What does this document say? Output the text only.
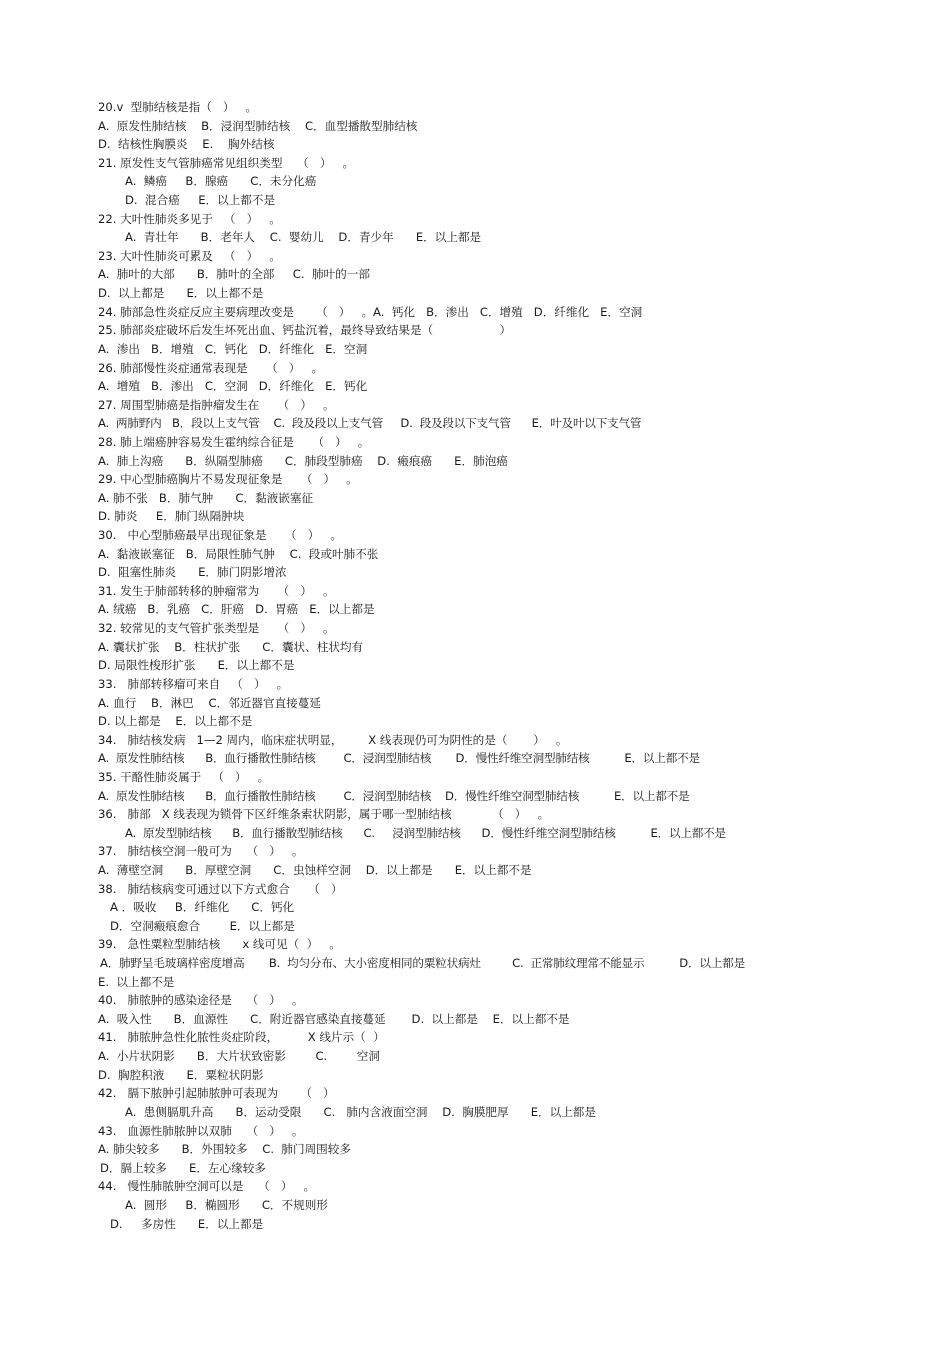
20.v  型肺结核是指（   ）   。
A.  原发性肺结核    B．浸润型肺结核    C．血型播散型肺结核
D.  结核性胸膜炎    E.    胸外结核
21. 原发性支气管肺癌常见组织类型    （   ）   。
A.  鳞癌     B．腺癌      C．未分化癌
D.  混合癌     E．以上都不是
22. 大叶性肺炎多见于   （   ）   。
A.  青壮年      B．老年人    C.  婴幼儿    D．青少年      E．以上都是
23. 大叶性肺炎可累及   （   ）   。
A.  肺叶的大部      B．肺叶的全部     C.  肺叶的一部
D.  以上都是      E．以上都不是
24. 肺部急性炎症反应主要病理改变是      （   ）   。A.  钙化   B．渗出   C．增殖   D．纤维化   E．空洞
25. 肺部炎症破坏后发生坏死出血、钙盐沉着，最终导致结果是（                  ）
A.  渗出   B．增殖   C．钙化   D．纤维化   E．空洞
26. 肺部慢性炎症通常表现是     （   ）   。
A.  增殖   B．渗出   C．空洞   D．纤维化   E．钙化
27. 周围型肺癌是指肿瘤发生在     （   ）   。
A.  两肺野内   B．段以上支气管    C.  段及段以上支气管     D.  段及段以下支气管      E．叶及叶以下支气管
28. 肺上端癌肿容易发生霍纳综合征是     （   ）   。
A.  肺上沟癌      B．纵隔型肺癌      C．肺段型肺癌    D.  瘢痕癌      E．肺泡癌
29. 中心型肺癌胸片不易发现征象是     （   ）   。
A. 肺不张   B．肺气肿      C．黏液嵌塞征
D. 肺炎     E．肺门纵隔肿块
30.   中心型肺癌最早出现征象是     （   ）   。
A.  黏液嵌塞征   B．局限性肺气肿    C.  段或叶肺不张
D.  阻塞性肺炎      E．肺门阴影增浓
31. 发生于肺部转移的肿瘤常为     （   ）   。
A. 绒癌   B．乳癌   C．肝癌   D.  胃癌   E．以上都是
32. 较常见的支气管扩张类型是     （   ）   。
A. 囊状扩张    B．柱状扩张      C．囊状、柱状均有
D. 局限性梭形扩张      E．以上都不是
33.   肺部转移瘤可来自   （   ）   。
A. 血行    B．淋巴    C．邻近器官直接蔓延
D. 以上都是    E．以上都不是
34.   肺结核发病   1—2 周内，临床症状明显，       X 线表现仍可为阴性的是（       ）   。
A.  原发性肺结核      B．血行播散性肺结核        C．浸润型肺结核       D．慢性纤维空洞型肺结核          E．以上都不是
35. 干酪性肺炎属于   （   ）   。
A.  原发性肺结核      B．血行播散性肺结核        C．浸润型肺结核    D．慢性纤维空洞型肺结核          E．以上都不是
36.   肺部   X 线表现为锁骨下区纤维条索状阴影，属于哪一型肺结核           （   ）   。
A.  原发型肺结核      B．血行播散型肺结核      C.     浸润型肺结核      D．慢性纤维空洞型肺结核          E．以上都不是
37.   肺结核空洞一般可为    （   ）   。
A.  薄壁空洞      B．厚壁空洞      C．虫蚀样空洞    D．以上都是      E．以上都不是
38.   肺结核病变可通过以下方式愈合     （   ）
A ．吸收     B．纤维化      C．钙化
D．空洞瘢痕愈合        E．以上都是
39.   急性粟粒型肺结核      x 线可见（  ）   。
A．肺野呈毛玻璃样密度增高       B.  均匀分布、大小密度相同的粟粒状病灶         C.  正常肺纹理常不能显示          D．以上都是
E.  以上都不是
40.   肺脓肿的感染途径是    （   ）   。
A.  吸入性      B．血源性      C．附近器官感染直接蔓延       D.  以上都是    E．以上都不是
41.   肺脓肿急性化脓性炎症阶段，        X 线片示（  ）
A.  小片状阴影      B．大片状致密影        C.        空洞
D.  胸腔积液      E．粟粒状阴影
42.   膈下脓肿引起肺脓肿可表现为      （   ）
A.  患侧膈肌升高      B．运动受限      C.   肺内含液面空洞    D.  胸膜肥厚      E．以上都是
43.   血源性肺脓肿以双肺    （   ）   。
A. 肺尖较多      B．外围较多    C.  肺门周围较多
D．膈上较多      E．左心缘较多
44.   慢性肺脓肿空洞可以是    （   ）   。
A.  圆形     B．椭圆形      C．不规则形
D.     多房性      E．以上都是
